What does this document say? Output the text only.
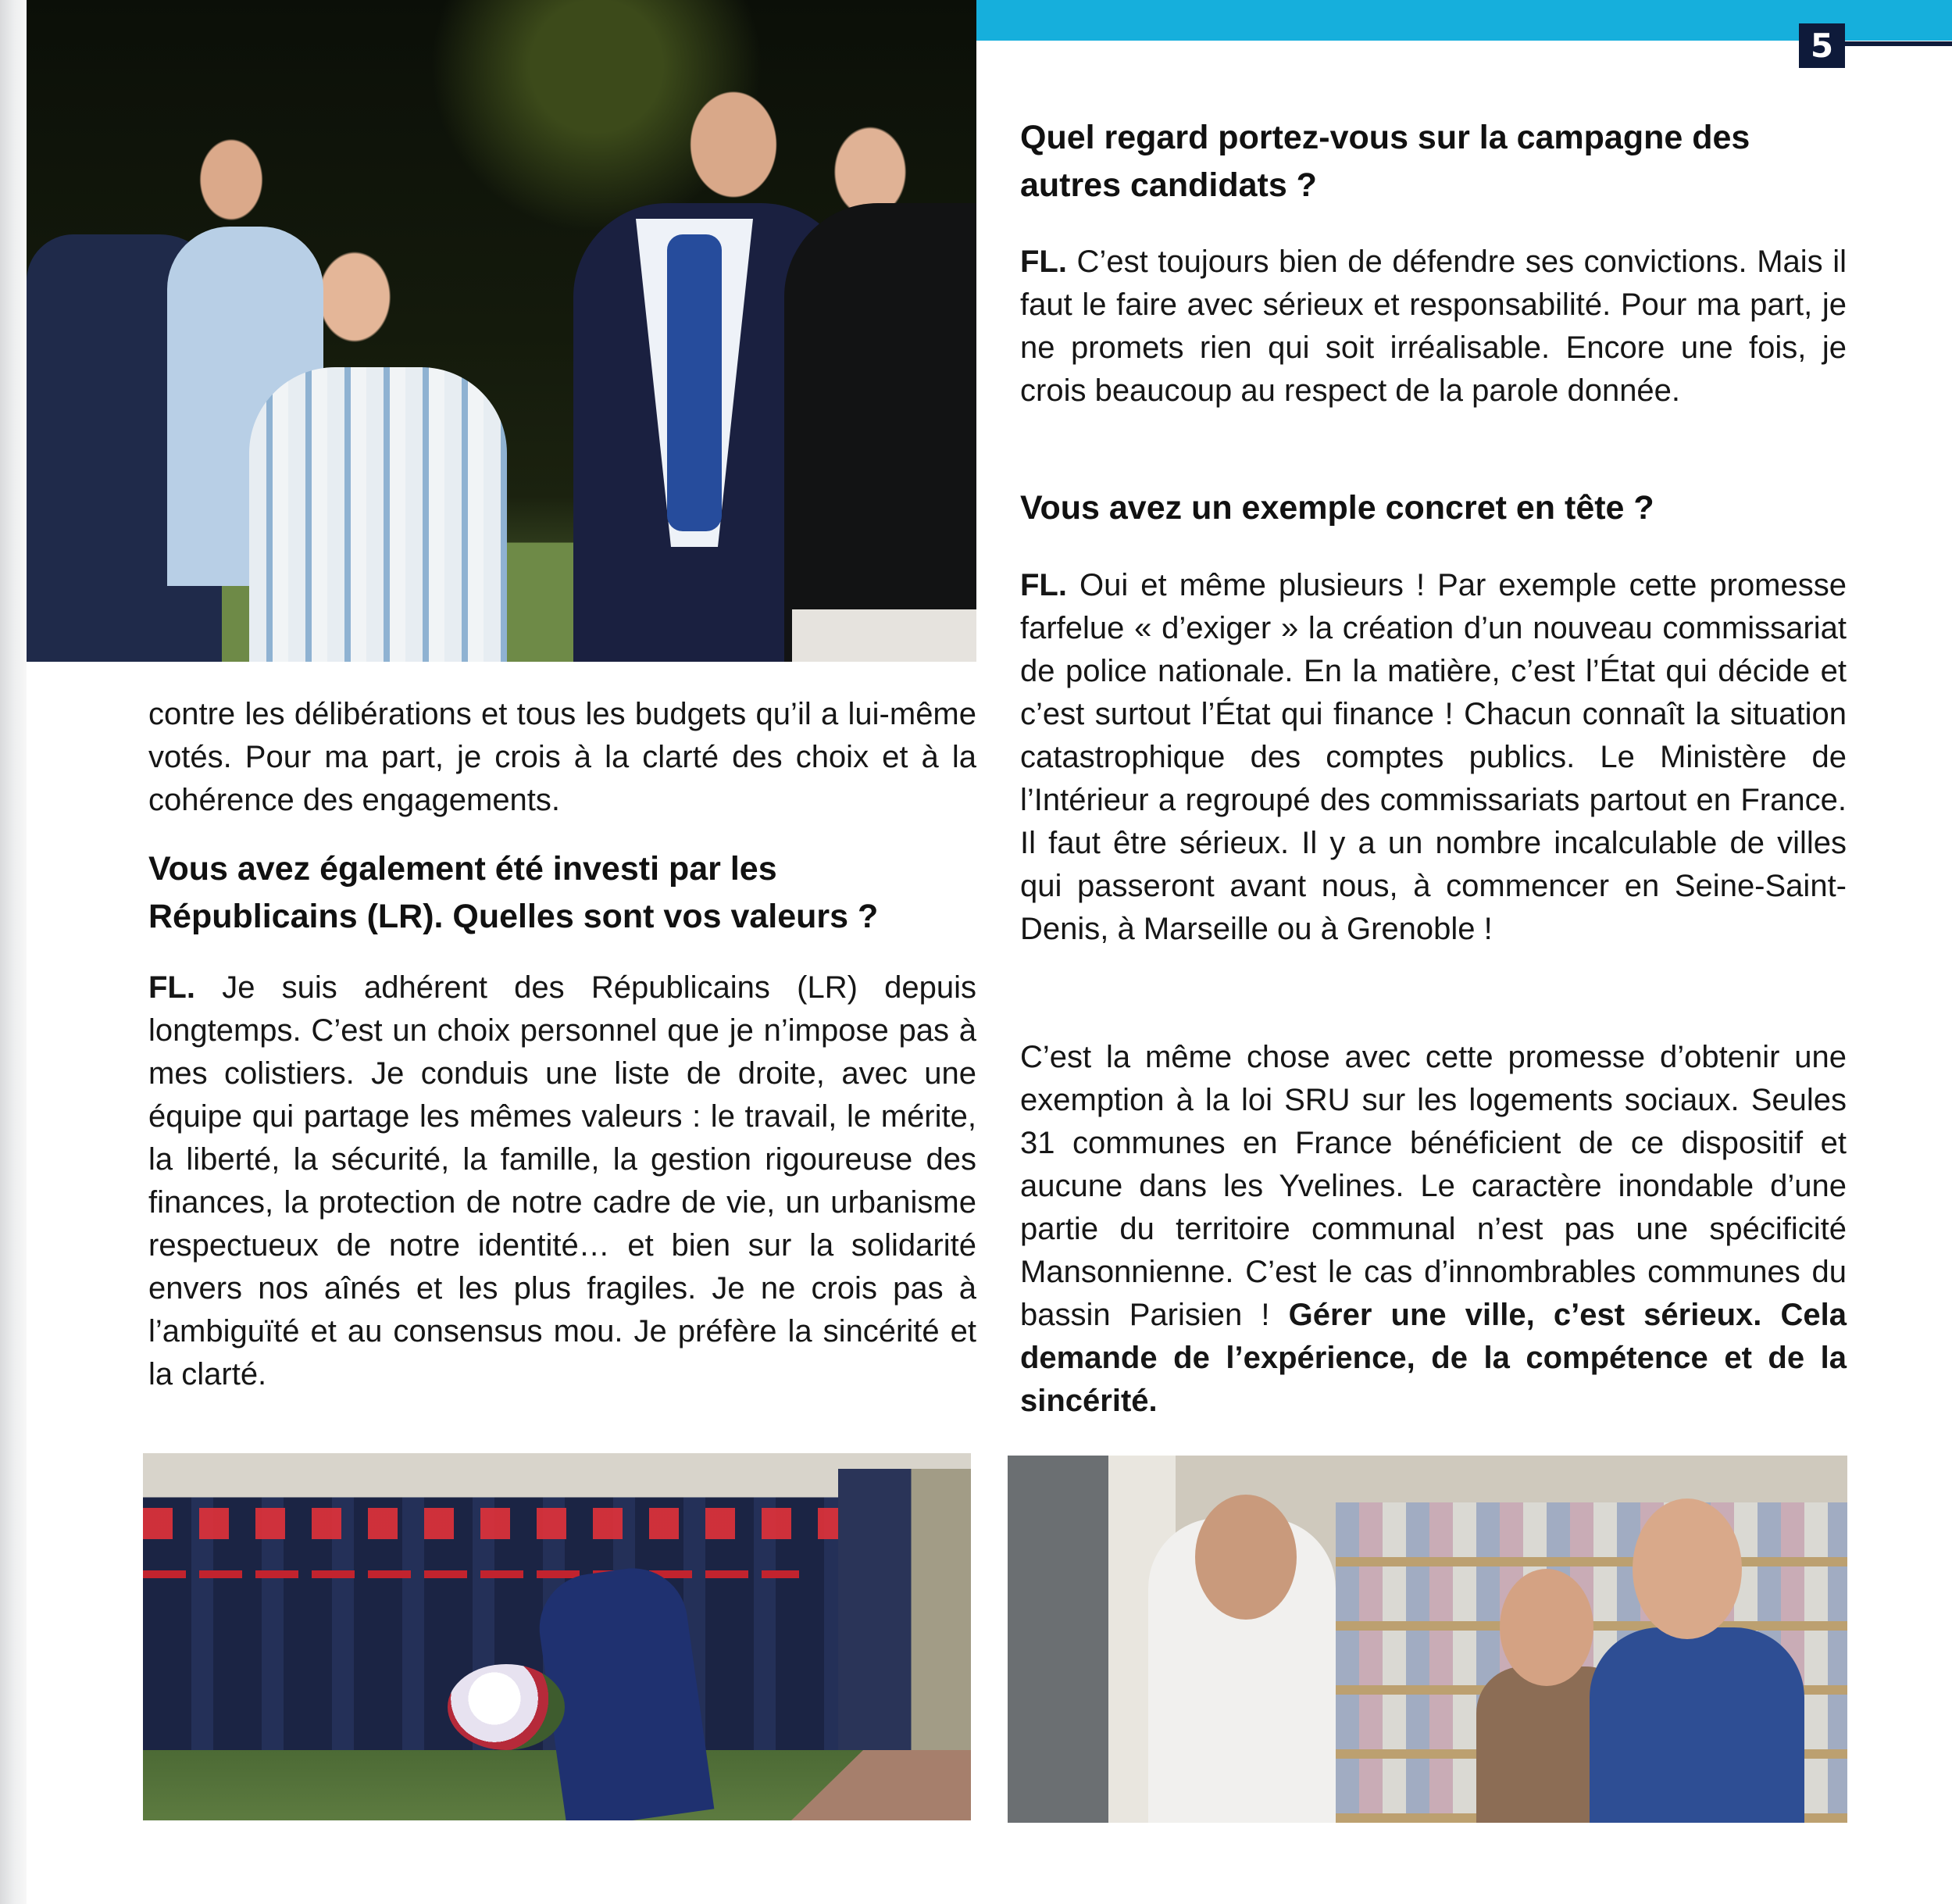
5

contre les délibérations et tous les budgets qu’il a lui-même votés. Pour ma part, je crois à la clarté des choix et à la cohérence des engagements.

Vous avez également été investi par les Républicains (LR). Quelles sont vos valeurs ?

FL. Je suis adhérent des Républicains (LR) depuis longtemps. C’est un choix personnel que je n’impose pas à mes colistiers. Je conduis une liste de droite, avec une équipe qui partage les mêmes valeurs : le travail, le mérite, la liberté, la sécurité, la famille, la gestion rigoureuse des finances, la protection de notre cadre de vie, un urbanisme respectueux de notre identité… et bien sur la solidarité envers nos aînés et les plus fragiles. Je ne crois pas à l’ambiguïté et au consensus mou. Je préfère la sincérité et la clarté.

Quel regard portez-vous sur la campagne des autres candidats ?

FL. C’est toujours bien de défendre ses convictions. Mais il faut le faire avec sérieux et responsabilité. Pour ma part, je ne promets rien qui soit irréalisable. Encore une fois, je crois beaucoup au respect de la parole donnée.

Vous avez un exemple concret en tête ?

FL. Oui et même plusieurs ! Par exemple cette promesse farfelue « d’exiger » la création d’un nouveau commissariat de police nationale. En la matière, c’est l’État qui décide et c’est surtout l’État qui finance ! Chacun connaît la situation catastrophique des comptes publics. Le Ministère de l’Intérieur a regroupé des commissariats partout en France. Il faut être sérieux. Il y a un nombre incalculable de villes qui passeront avant nous, à commencer en Seine-Saint-Denis, à Marseille ou à Grenoble !

C’est la même chose avec cette promesse d’obtenir une exemption à la loi SRU sur les logements sociaux. Seules 31 communes en France bénéficient de ce dispositif et aucune dans les Yvelines. Le caractère inondable d’une partie du territoire communal n’est pas une spécificité Mansonnienne. C’est le cas d’innombrables communes du bassin Parisien ! Gérer une ville, c’est sérieux. Cela demande de l’expérience, de la compétence et de la sincérité.
